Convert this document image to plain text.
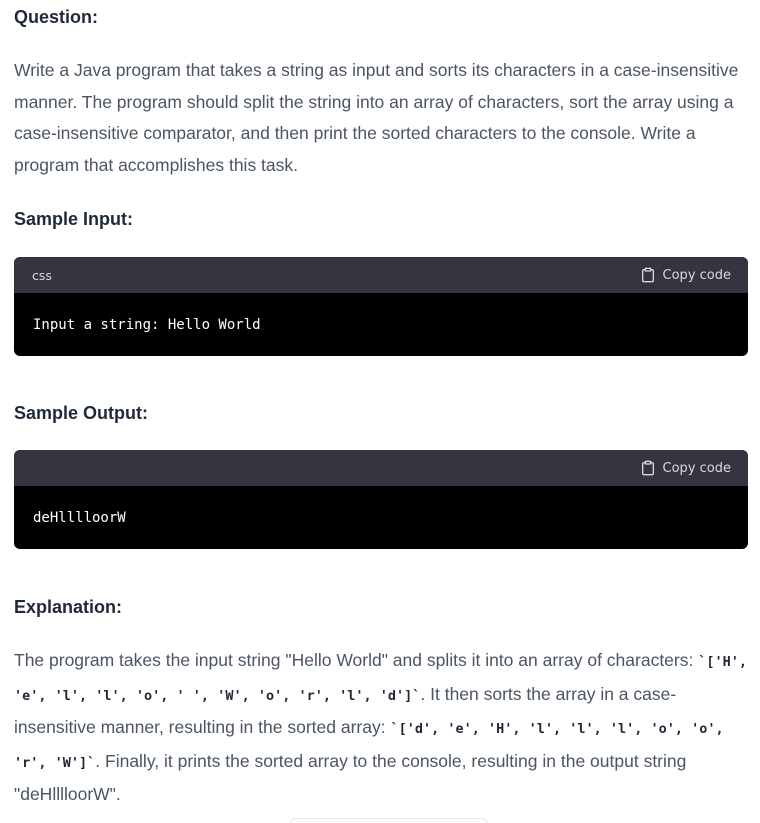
Question:

Write a Java program that takes a string as input and sorts its characters in a case-insensitive manner. The program should split the string into an array of characters, sort the array using a case-insensitive comparator, and then print the sorted characters to the console. Write a program that accomplishes this task.

Sample Input:
css	Copy code
Input a string: Hello World
Sample Output:
Copy code
deHlllloorW
Explanation:

The program takes the input string "Hello World" and splits it into an array of characters: `['H', 'e', 'l', 'l', 'o', ' ', 'W', 'o', 'r', 'l', 'd']`. It then sorts the array in a case-insensitive manner, resulting in the sorted array: `['d', 'e', 'H', 'l', 'l', 'l', 'o', 'o', 'r', 'W']`. Finally, it prints the sorted array to the console, resulting in the output string "deHlllloorW".
